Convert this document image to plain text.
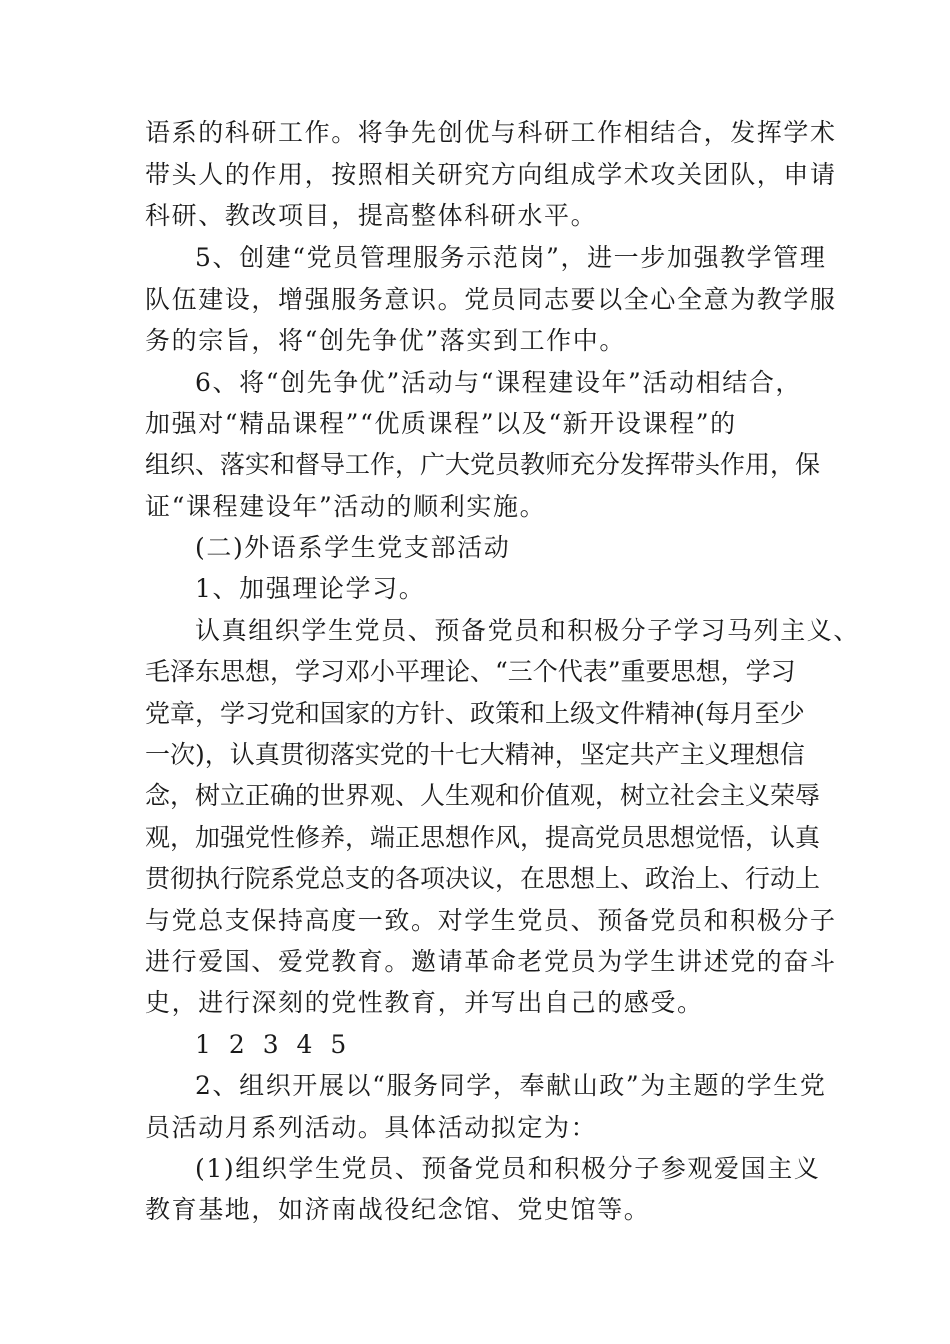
语系的科研工作。将争先创优与科研工作相结合，发挥学术
带头人的作用，按照相关研究方向组成学术攻关团队，申请
科研、教改项目，提高整体科研水平。
5、创建“党员管理服务示范岗”，进一步加强教学管理
队伍建设，增强服务意识。党员同志要以全心全意为教学服
务的宗旨，将“创先争优”落实到工作中。
6、将“创先争优”活动与“课程建设年”活动相结合，
加强对“精品课程”“优质课程”以及“新开设课程”的
组织、落实和督导工作，广大党员教师充分发挥带头作用，保
证“课程建设年”活动的顺利实施。
(二)外语系学生党支部活动
1、加强理论学习。
认真组织学生党员、预备党员和积极分子学习马列主义、
毛泽东思想，学习邓小平理论、“三个代表”重要思想，学习
党章，学习党和国家的方针、政策和上级文件精神(每月至少
一次)，认真贯彻落实党的十七大精神，坚定共产主义理想信
念，树立正确的世界观、人生观和价值观，树立社会主义荣辱
观，加强党性修养，端正思想作风，提高党员思想觉悟，认真
贯彻执行院系党总支的各项决议，在思想上、政治上、行动上
与党总支保持高度一致。对学生党员、预备党员和积极分子
进行爱国、爱党教育。邀请革命老党员为学生讲述党的奋斗
史，进行深刻的党性教育，并写出自己的感受。
1 2 3 4 5
2、组织开展以“服务同学，奉献山政”为主题的学生党
员活动月系列活动。具体活动拟定为：
(1)组织学生党员、预备党员和积极分子参观爱国主义
教育基地，如济南战役纪念馆、党史馆等。
